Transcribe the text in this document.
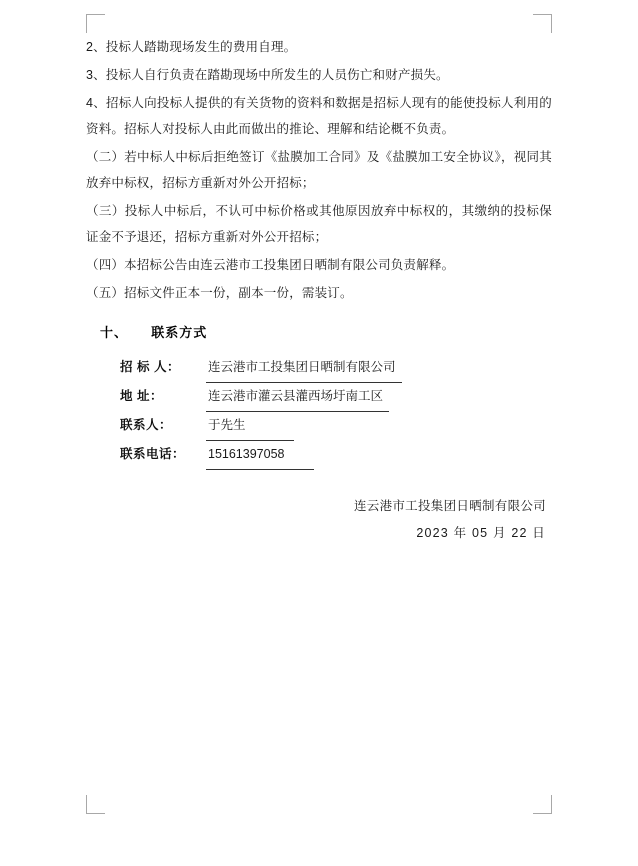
2、投标人踏勘现场发生的费用自理。

3、投标人自行负责在踏勘现场中所发生的人员伤亡和财产损失。

4、招标人向投标人提供的有关货物的资料和数据是招标人现有的能使投标人利用的资料。招标人对投标人由此而做出的推论、理解和结论概不负责。

（二）若中标人中标后拒绝签订《盐膜加工合同》及《盐膜加工安全协议》，视同其放弃中标权，招标方重新对外公开招标；

（三）投标人中标后，不认可中标价格或其他原因放弃中标权的，其缴纳的投标保证金不予退还，招标方重新对外公开招标；

（四）本招标公告由连云港市工投集团日晒制有限公司负责解释。

（五）招标文件正本一份，副本一份，需装订。

十、 联系方式
招 标 人：	连云港市工投集团日晒制有限公司
地 址：	连云港市灌云县灌西场圩南工区
联系人：	于先生
联系电话：	15161397058
连云港市工投集团日晒制有限公司
2023 年 05 月 22 日
